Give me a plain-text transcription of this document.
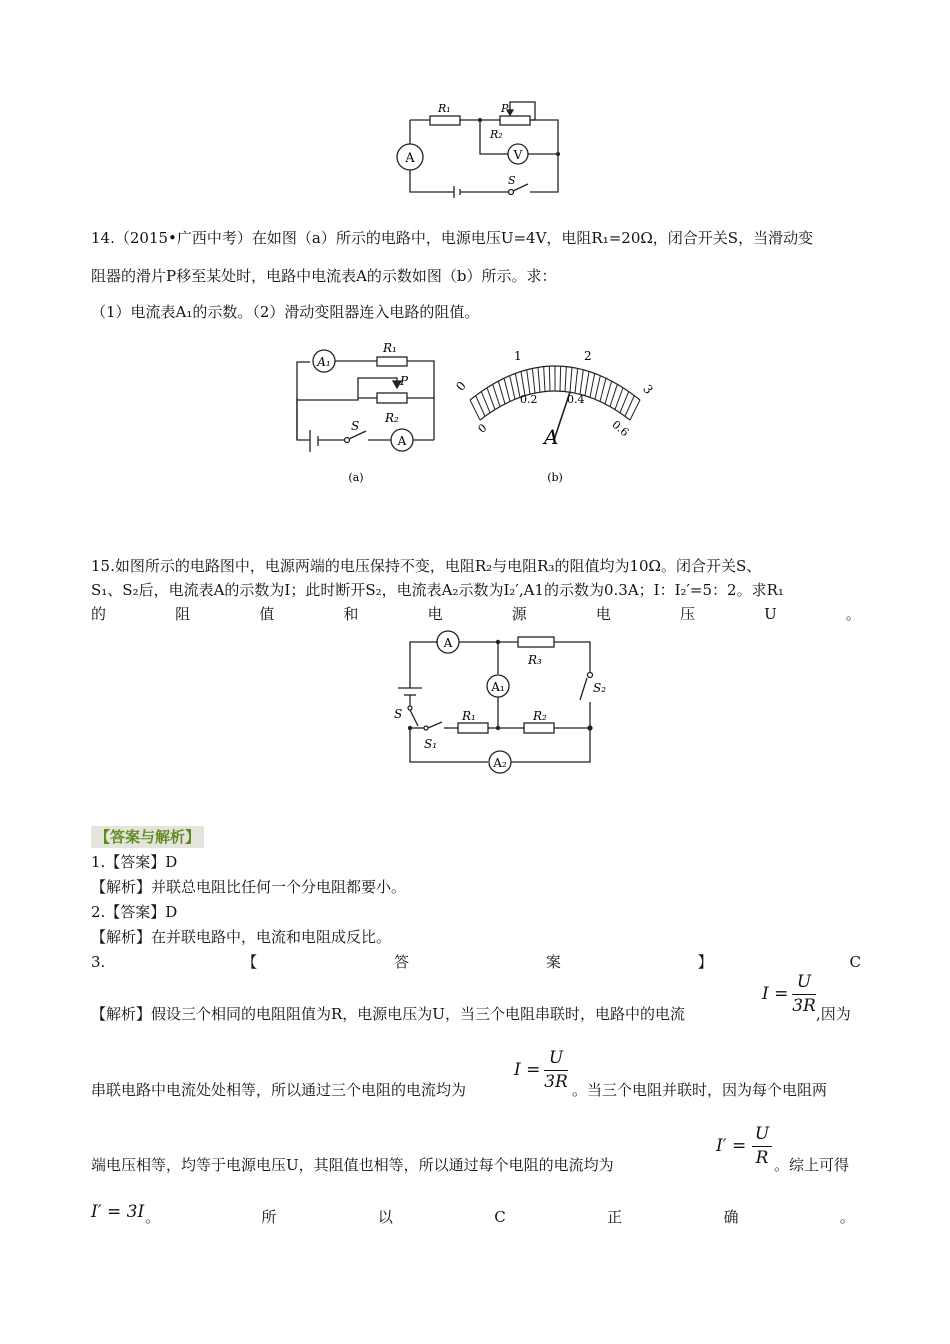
A	V
R₁	P
R₂
S
14.（2015•广西中考）在如图（a）所示的电路中，电源电压U=4V，电阻R₁=20Ω，闭合开关S，当滑动变
阻器的滑片P移至某处时，电路中电流表A的示数如图（b）所示。求：
（1）电流表A₁的示数。（2）滑动变阻器连入电路的阻值。
A₁
R₁
P
R₂
S
A
(a)
0
1	2
3
0
0.2	0.4
0.6
A
(b)
15.如图所示的电路图中，电源两端的电压保持不变，电阻R₂与电阻R₃的阻值均为10Ω。闭合开关S、
S₁、S₂后，电流表A的示数为I；此时断开S₂，电流表A₂示数为I₂′,A1的示数为0.3A；I：I₂′=5：2。求R₁
的	阻	值	和	电	源	电	压	U	。
A
R₃
A₁	S₂
S	R₁	R₂
S₁
A₂
【答案与解析】
1.【答案】D
【解析】并联总电阻比任何一个分电阻都要小。
2.【答案】D
【解析】在并联电路中，电流和电阻成反比。
3.	【	答	案	】	C
【解析】假设三个相同的电阻阻值为R，电源电压为U，当三个电阻串联时，电路中的电流
I =
U
3R ,因为
串联电路中电流处处相等，所以通过三个电阻的电流均为
I =
U
3R 。当三个电阻并联时，因为每个电阻两
端电压相等，均等于电源电压U，其阻值也相等，所以通过每个电阻的电流均为
I′ =
U
R 。综上可得
I′ = 3I 。	所	以	C	正	确	。
